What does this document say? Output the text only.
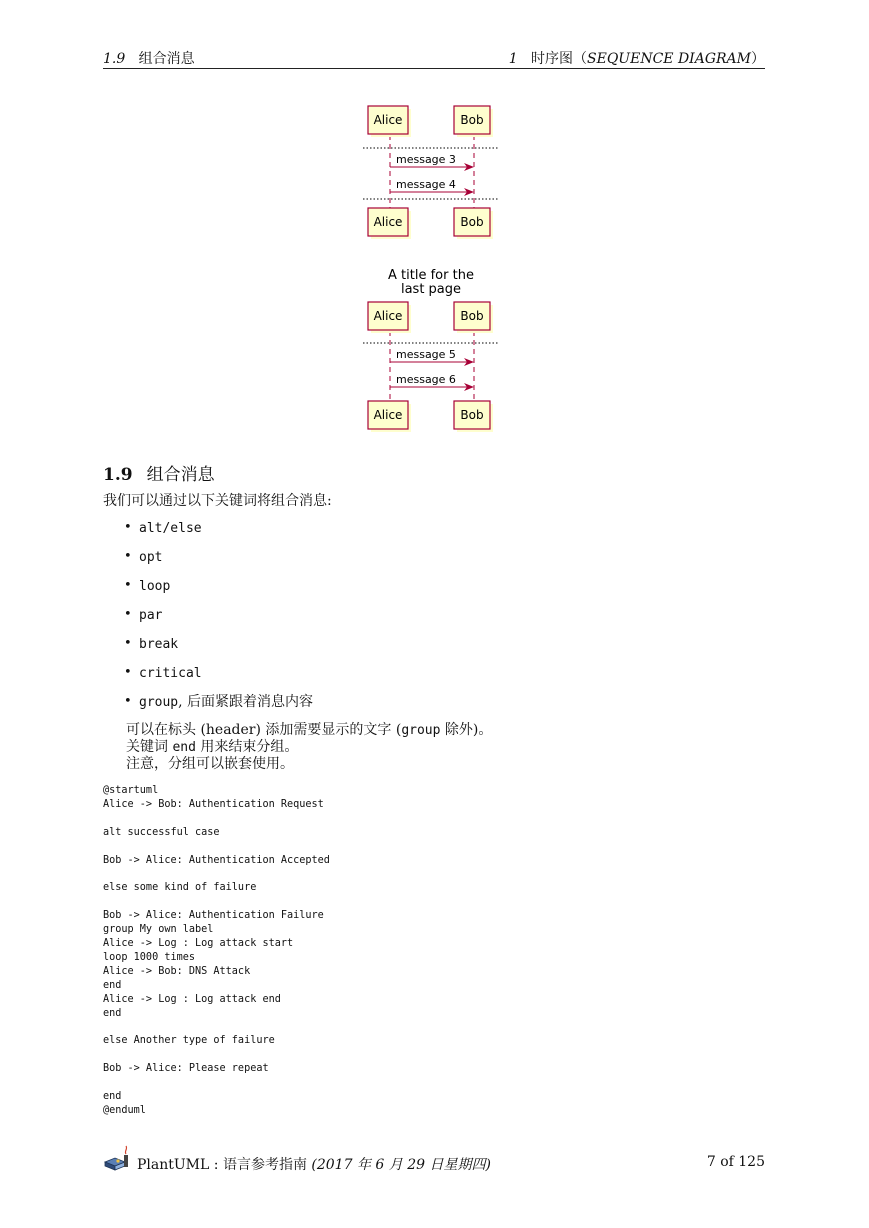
1.9 组合消息	1 时序图（SEQUENCE DIAGRAM）
Alice	Bob
message 3
message 4
Alice	Bob
A title for the
last page
Alice	Bob
message 5
message 6
Alice	Bob
1.9 组合消息
我们可以通过以下关键词将组合消息:
• alt/else
• opt
• loop
• par
• break
• critical
• group, 后面紧跟着消息内容
可以在标头 (header) 添加需要显示的文字 (group 除外)。
关键词 end 用来结束分组。
注意，分组可以嵌套使用。
@startuml
Alice -> Bob: Authentication Request

alt successful case

Bob -> Alice: Authentication Accepted

else some kind of failure

Bob -> Alice: Authentication Failure
group My own label
Alice -> Log : Log attack start
loop 1000 times
Alice -> Bob: DNS Attack
end
Alice -> Log : Log attack end
end

else Another type of failure

Bob -> Alice: Please repeat

end
@enduml
PlantUML : 语言参考指南 (2017 年 6 月 29 日星期四)	7 of 125
